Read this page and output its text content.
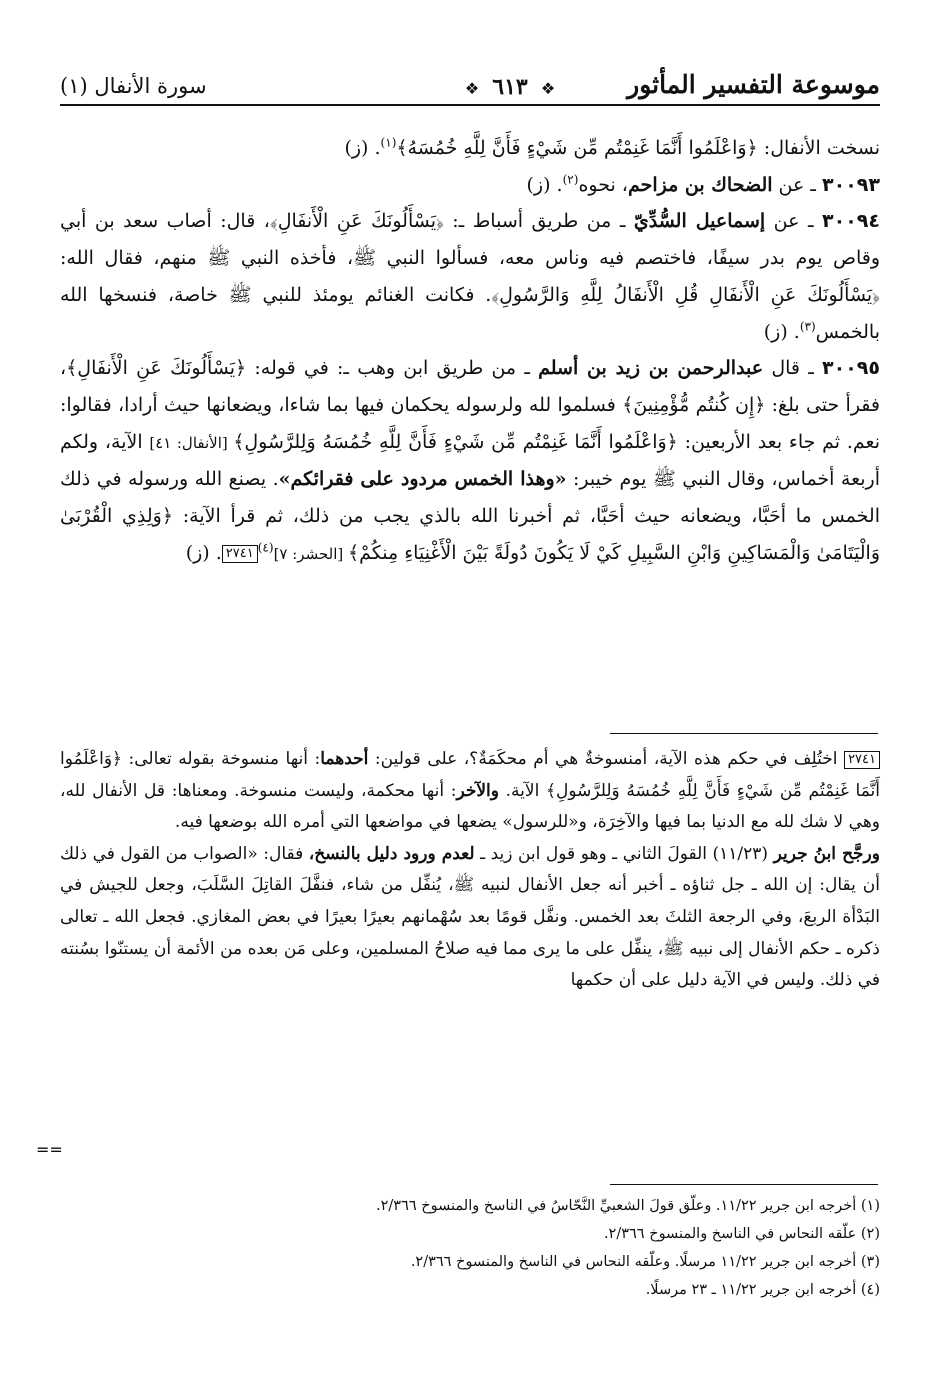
موسوعة التفسير المأثور
❖ ٦١٣ ❖
سورة الأنفال (١)

نسخت الأنفال: ﴿وَاعْلَمُوا أَنَّمَا غَنِمْتُم مِّن شَيْءٍ فَأَنَّ لِلَّهِ خُمُسَهُ﴾$^{(١)}$. (ز)

٣٠٠٩٣ ـ عن الضحاك بن مزاحم، نحوه$^{(٢)}$. (ز)

٣٠٠٩٤ ـ عن إسماعيل السُّدِّيّ ـ من طريق أسباط ـ: ﴿يَسْأَلُونَكَ عَنِ الْأَنفَالِ﴾، قال: أصاب سعد بن أبي وقاص يوم بدر سيفًا، فاختصم فيه وناس معه، فسألوا النبي ﷺ، فأخذه النبي ﷺ منهم، فقال الله: ﴿يَسْأَلُونَكَ عَنِ الْأَنفَالِ قُلِ الْأَنفَالُ لِلَّهِ وَالرَّسُولِ﴾. فكانت الغنائم يومئذ للنبي ﷺ خاصة، فنسخها الله بالخمس$^{(٣)}$. (ز)

٣٠٠٩٥ ـ قال عبدالرحمن بن زيد بن أسلم ـ من طريق ابن وهب ـ: في قوله: ﴿يَسْأَلُونَكَ عَنِ الْأَنفَالِ﴾، فقرأ حتى بلغ: ﴿إِن كُنتُم مُّؤْمِنِينَ﴾ فسلموا لله ولرسوله يحكمان فيها بما شاءا، ويضعانها حيث أرادا، فقالوا: نعم. ثم جاء بعد الأربعين: ﴿وَاعْلَمُوا أَنَّمَا غَنِمْتُم مِّن شَيْءٍ فَأَنَّ لِلَّهِ خُمُسَهُ وَلِلرَّسُولِ﴾ [الأنفال: ٤١] الآية، ولكم أربعة أخماس، وقال النبي ﷺ يوم خيبر: «وهذا الخمس مردود على فقرائكم». يصنع الله ورسوله في ذلك الخمس ما أحَبَّا، ويضعانه حيث أحَبَّا، ثم أخبرنا الله بالذي يجب من ذلك، ثم قرأ الآية: ﴿وَلِذِي الْقُرْبَىٰ وَالْيَتَامَىٰ وَالْمَسَاكِينِ وَابْنِ السَّبِيلِ كَيْ لَا يَكُونَ دُولَةً بَيْنَ الْأَغْنِيَاءِ مِنكُمْ﴾ [الحشر: ٧]$^{(٤)}$٢٧٤١. (ز)

٢٧٤١ اختُلِف في حكم هذه الآية، أمنسوخةٌ هي أم محكَمَةٌ؟، على قولين: أحدهما: أنها منسوخة بقوله تعالى: ﴿وَاعْلَمُوا أَنَّمَا غَنِمْتُم مِّن شَيْءٍ فَأَنَّ لِلَّهِ خُمُسَهُ وَلِلرَّسُولِ﴾ الآية. والآخر: أنها محكمة، وليست منسوخة. ومعناها: قل الأنفال لله، وهي لا شك لله مع الدنيا بما فيها والآخِرَة، و«للرسول» يضعها في مواضعها التي أمره الله بوضعها فيه.

ورجَّح ابنُ جرير (١١/٢٣) القولَ الثاني ـ وهو قول ابن زيد ـ لعدم ورود دليل بالنسخ، فقال: «الصواب من القول في ذلك أن يقال: إن الله ـ جل ثناؤه ـ أخبر أنه جعل الأنفال لنبيه ﷺ، يُنفِّل من شاء، فنفَّلَ القاتِلَ السَّلَبَ، وجعل للجيش في البَدْأة الربعَ، وفي الرجعة الثلثَ بعد الخمس. ونفَّل قومًا بعد سُهْمانهم بعيرًا بعيرًا في بعض المغازي. فجعل الله ـ تعالى ذكره ـ حكم الأنفال إلى نبيه ﷺ، ينفِّل على ما يرى مما فيه صلاحُ المسلمين، وعلى مَن بعده من الأئمة أن يستنّوا بسُنته في ذلك. وليس في الآية دليل على أن حكمها

==
(١) أخرجه ابن جرير ١١/٢٢. وعلّق قولَ الشعبيِّ النَّحّاسُ في الناسخ والمنسوخ ٢/٣٦٦.
(٢) علّقه النحاس في الناسخ والمنسوخ ٢/٣٦٦.
(٣) أخرجه ابن جرير ١١/٢٢ مرسلًا. وعلّقه النحاس في الناسخ والمنسوخ ٢/٣٦٦.
(٤) أخرجه ابن جرير ١١/٢٢ ـ ٢٣ مرسلًا.
